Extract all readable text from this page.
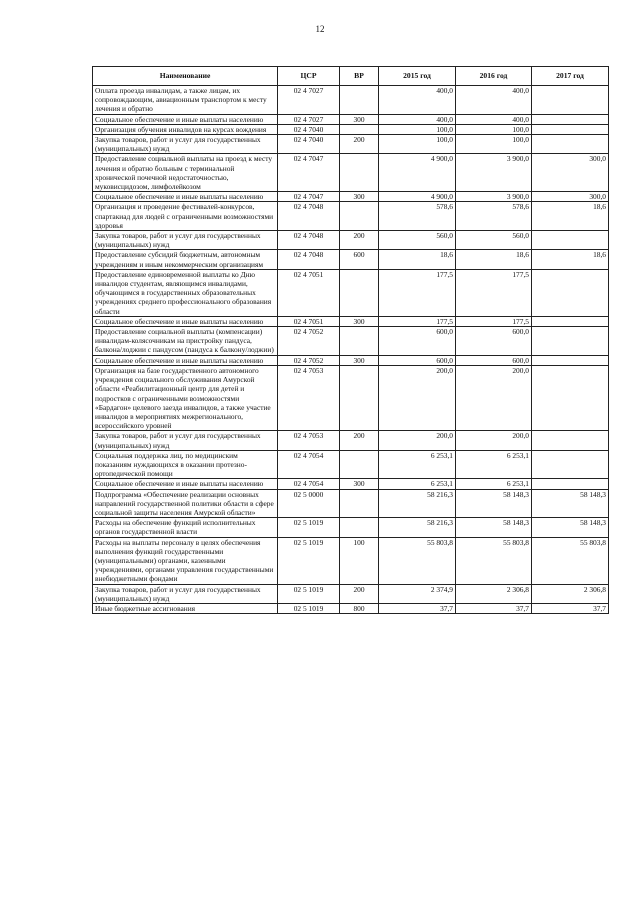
12
Наименование	ЦСР	ВР	2015 год	2016 год	2017 год
Оплата проезда инвалидам, а также лицам, их сопровождающим, авиационным транспортом к месту лечения и обратно	02 4 7027		400,0	400,0	
Социальное обеспечение и иные выплаты населению	02 4 7027	300	400,0	400,0	
Организация обучения инвалидов на курсах вождения	02 4 7040		100,0	100,0	
Закупка товаров, работ и услуг для государственных (муниципальных) нужд	02 4 7040	200	100,0	100,0	
Предоставление социальной выплаты на проезд к месту лечения и обратно больным с терминальной хронической почечной недостаточностью, муковисцидозом, лимфолейкозом	02 4 7047		4 900,0	3 900,0	300,0
Социальное обеспечение и иные выплаты населению	02 4 7047	300	4 900,0	3 900,0	300,0
Организация и проведение фестивалей-конкурсов, спартакиад для людей с ограниченными возможностями здоровья	02 4 7048		578,6	578,6	18,6
Закупка товаров, работ и услуг для государственных (муниципальных) нужд	02 4 7048	200	560,0	560,0	
Предоставление субсидий бюджетным, автономным учреждениям и иным некоммерческим организациям	02 4 7048	600	18,6	18,6	18,6
Предоставление единовременной выплаты ко Дню инвалидов студентам, являющимся инвалидами, обучающимся в государственных образовательных учреждениях среднего профессионального образования области	02 4 7051		177,5	177,5	
Социальное обеспечение и иные выплаты населению	02 4 7051	300	177,5	177,5	
Предоставление социальной выплаты (компенсации) инвалидам-колясочникам на пристройку пандуса, балкона/лоджии с пандусом (пандуса к балкону/лоджии)	02 4 7052		600,0	600,0	
Социальное обеспечение и иные выплаты населению	02 4 7052	300	600,0	600,0	
Организация на базе государственного автономного учреждения социального обслуживания Амурской области «Реабилитационный центр для детей и подростков с ограниченными возможностями «Бардагон» целевого заезда инвалидов, а также участие инвалидов в мероприятиях межрегионального, всероссийского уровней	02 4 7053		200,0	200,0	
Закупка товаров, работ и услуг для государственных (муниципальных) нужд	02 4 7053	200	200,0	200,0	
Социальная поддержка лиц, по медицинским показаниям нуждающихся в оказании протезно-ортопедической помощи	02 4 7054		6 253,1	6 253,1	
Социальное обеспечение и иные выплаты населению	02 4 7054	300	6 253,1	6 253,1	
Подпрограмма «Обеспечение реализации основных направлений государственной политики области в сфере социальной защиты населения Амурской области»	02 5 0000		58 216,3	58 148,3	58 148,3
Расходы на обеспечение функций исполнительных органов государственной власти	02 5 1019		58 216,3	58 148,3	58 148,3
Расходы на выплаты персоналу в целях обеспечения выполнения функций государственными (муниципальными) органами, казенными учреждениями, органами управления государственными внебюджетными фондами	02 5 1019	100	55 803,8	55 803,8	55 803,8
Закупка товаров, работ и услуг для государственных (муниципальных) нужд	02 5 1019	200	2 374,9	2 306,8	2 306,8
Иные бюджетные ассигнования	02 5 1019	800	37,7	37,7	37,7
